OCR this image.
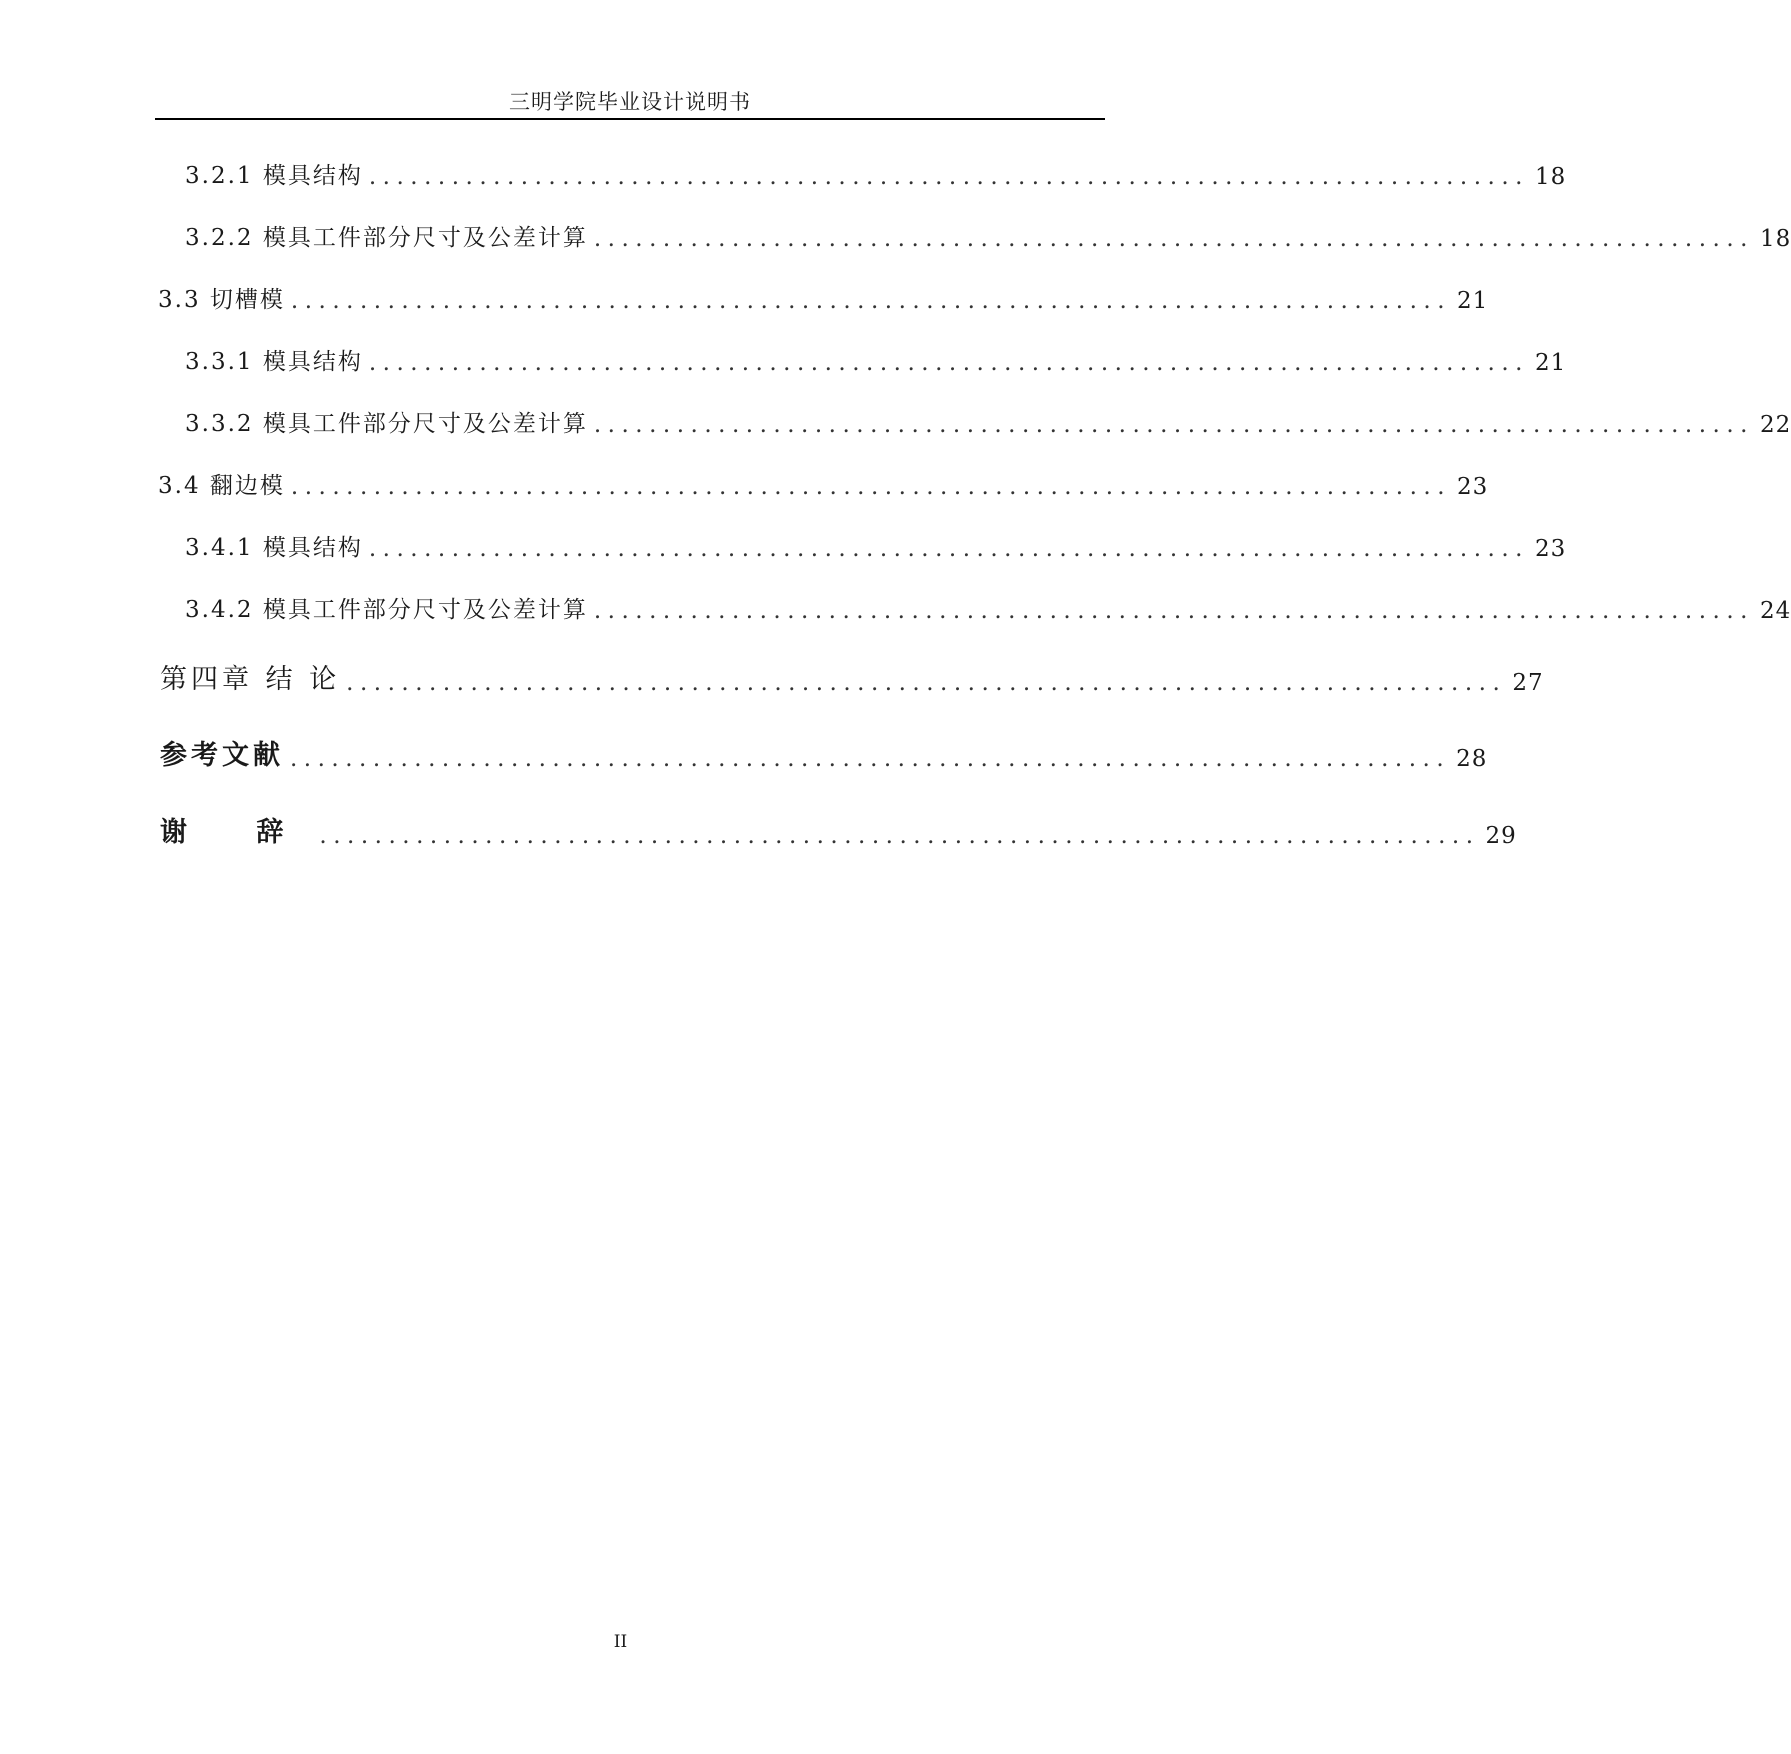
三明学院毕业设计说明书
3.2.1 模具结构 .................................................................................... 18
3.2.2 模具工件部分尺寸及公差计算 .................................................................................... 18
3.3 切槽模 .................................................................................... 21
3.3.1 模具结构 .................................................................................... 21
3.3.2 模具工件部分尺寸及公差计算 .................................................................................... 22
3.4 翻边模 .................................................................................... 23
3.4.1 模具结构 .................................................................................... 23
3.4.2 模具工件部分尺寸及公差计算 .................................................................................... 24
第四章 结 论 .................................................................................... 27
参考文献 .................................................................................... 28
谢 辞 .................................................................................... 29
II
